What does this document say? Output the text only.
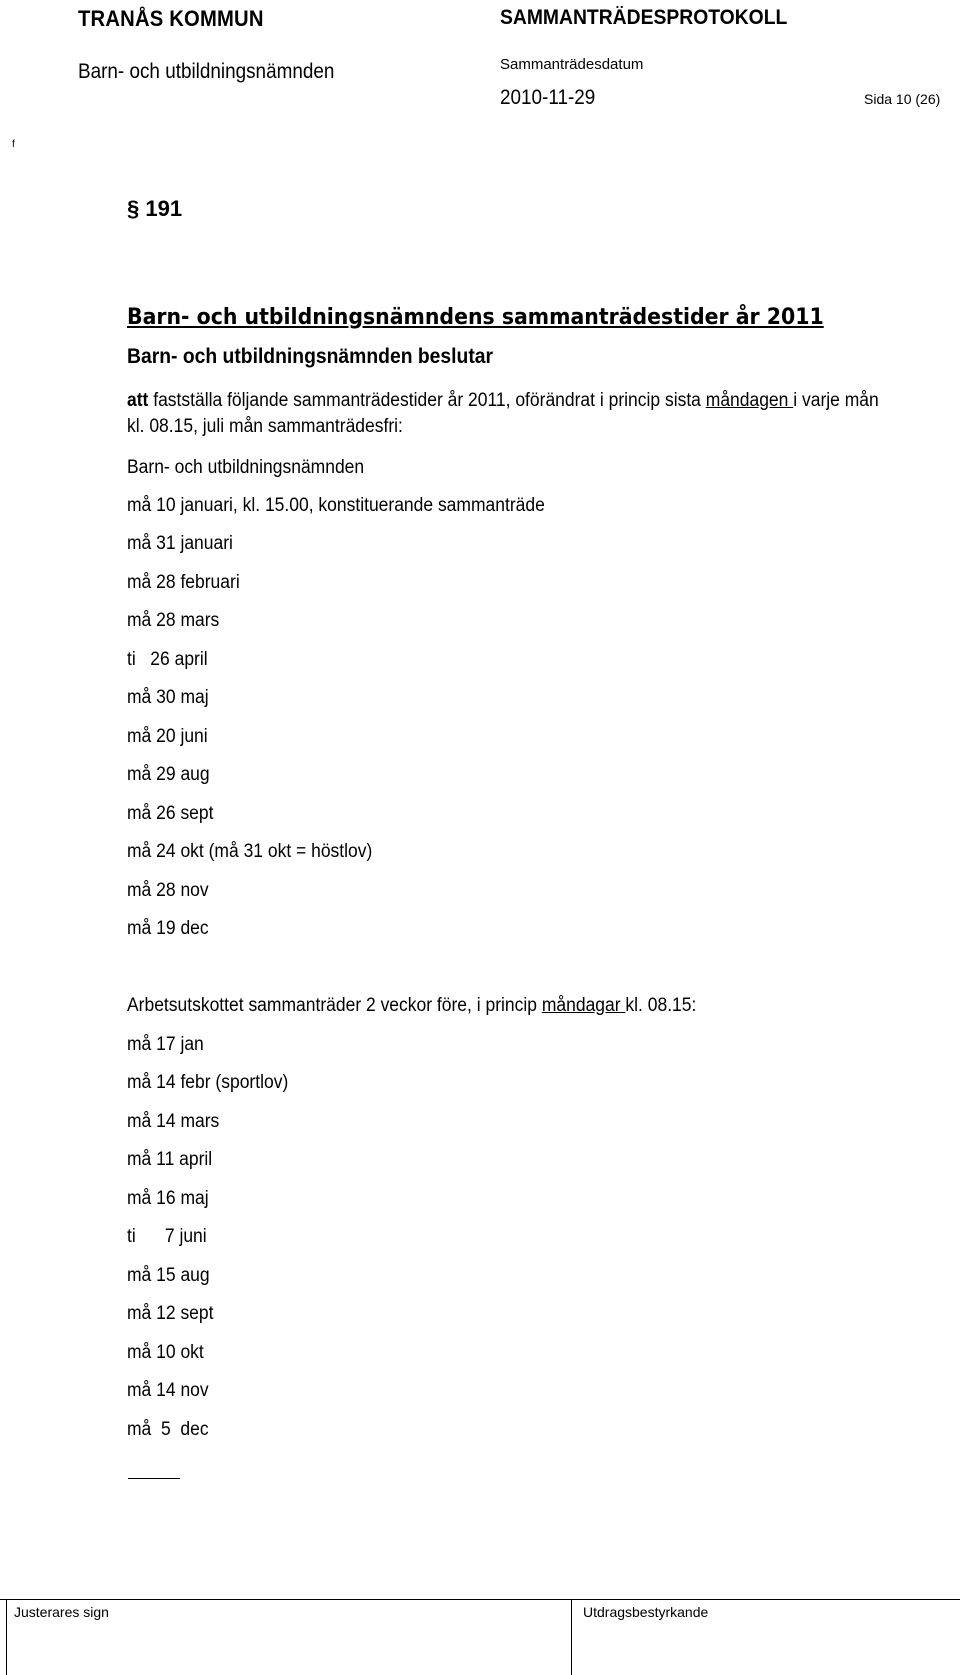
TRANÅS KOMMUN
Barn- och utbildningsnämnden
SAMMANTRÄDESPROTOKOLL
Sammanträdesdatum
2010-11-29	Sida 10 (26)
f
§ 191
Barn- och utbildningsnämndens sammanträdestider år 2011
Barn- och utbildningsnämnden beslutar
att fastställa följande sammanträdestider år 2011, oförändrat i princip sista måndagen i varje mån
kl. 08.15, juli mån sammanträdesfri:
Barn- och utbildningsnämnden
må 10 januari, kl. 15.00, konstituerande sammanträde
må 31 januari
må 28 februari
må 28 mars
ti   26 april
må 30 maj
må 20 juni
må 29 aug
må 26 sept
må 24 okt (må 31 okt = höstlov)
må 28 nov
må 19 dec
Arbetsutskottet sammanträder 2 veckor före, i princip måndagar kl. 08.15:
må 17 jan
må 14 febr (sportlov)
må 14 mars
må 11 april
må 16 maj
ti      7 juni
må 15 aug
må 12 sept
må 10 okt
må 14 nov
må  5  dec
Justerares sign	Utdragsbestyrkande
